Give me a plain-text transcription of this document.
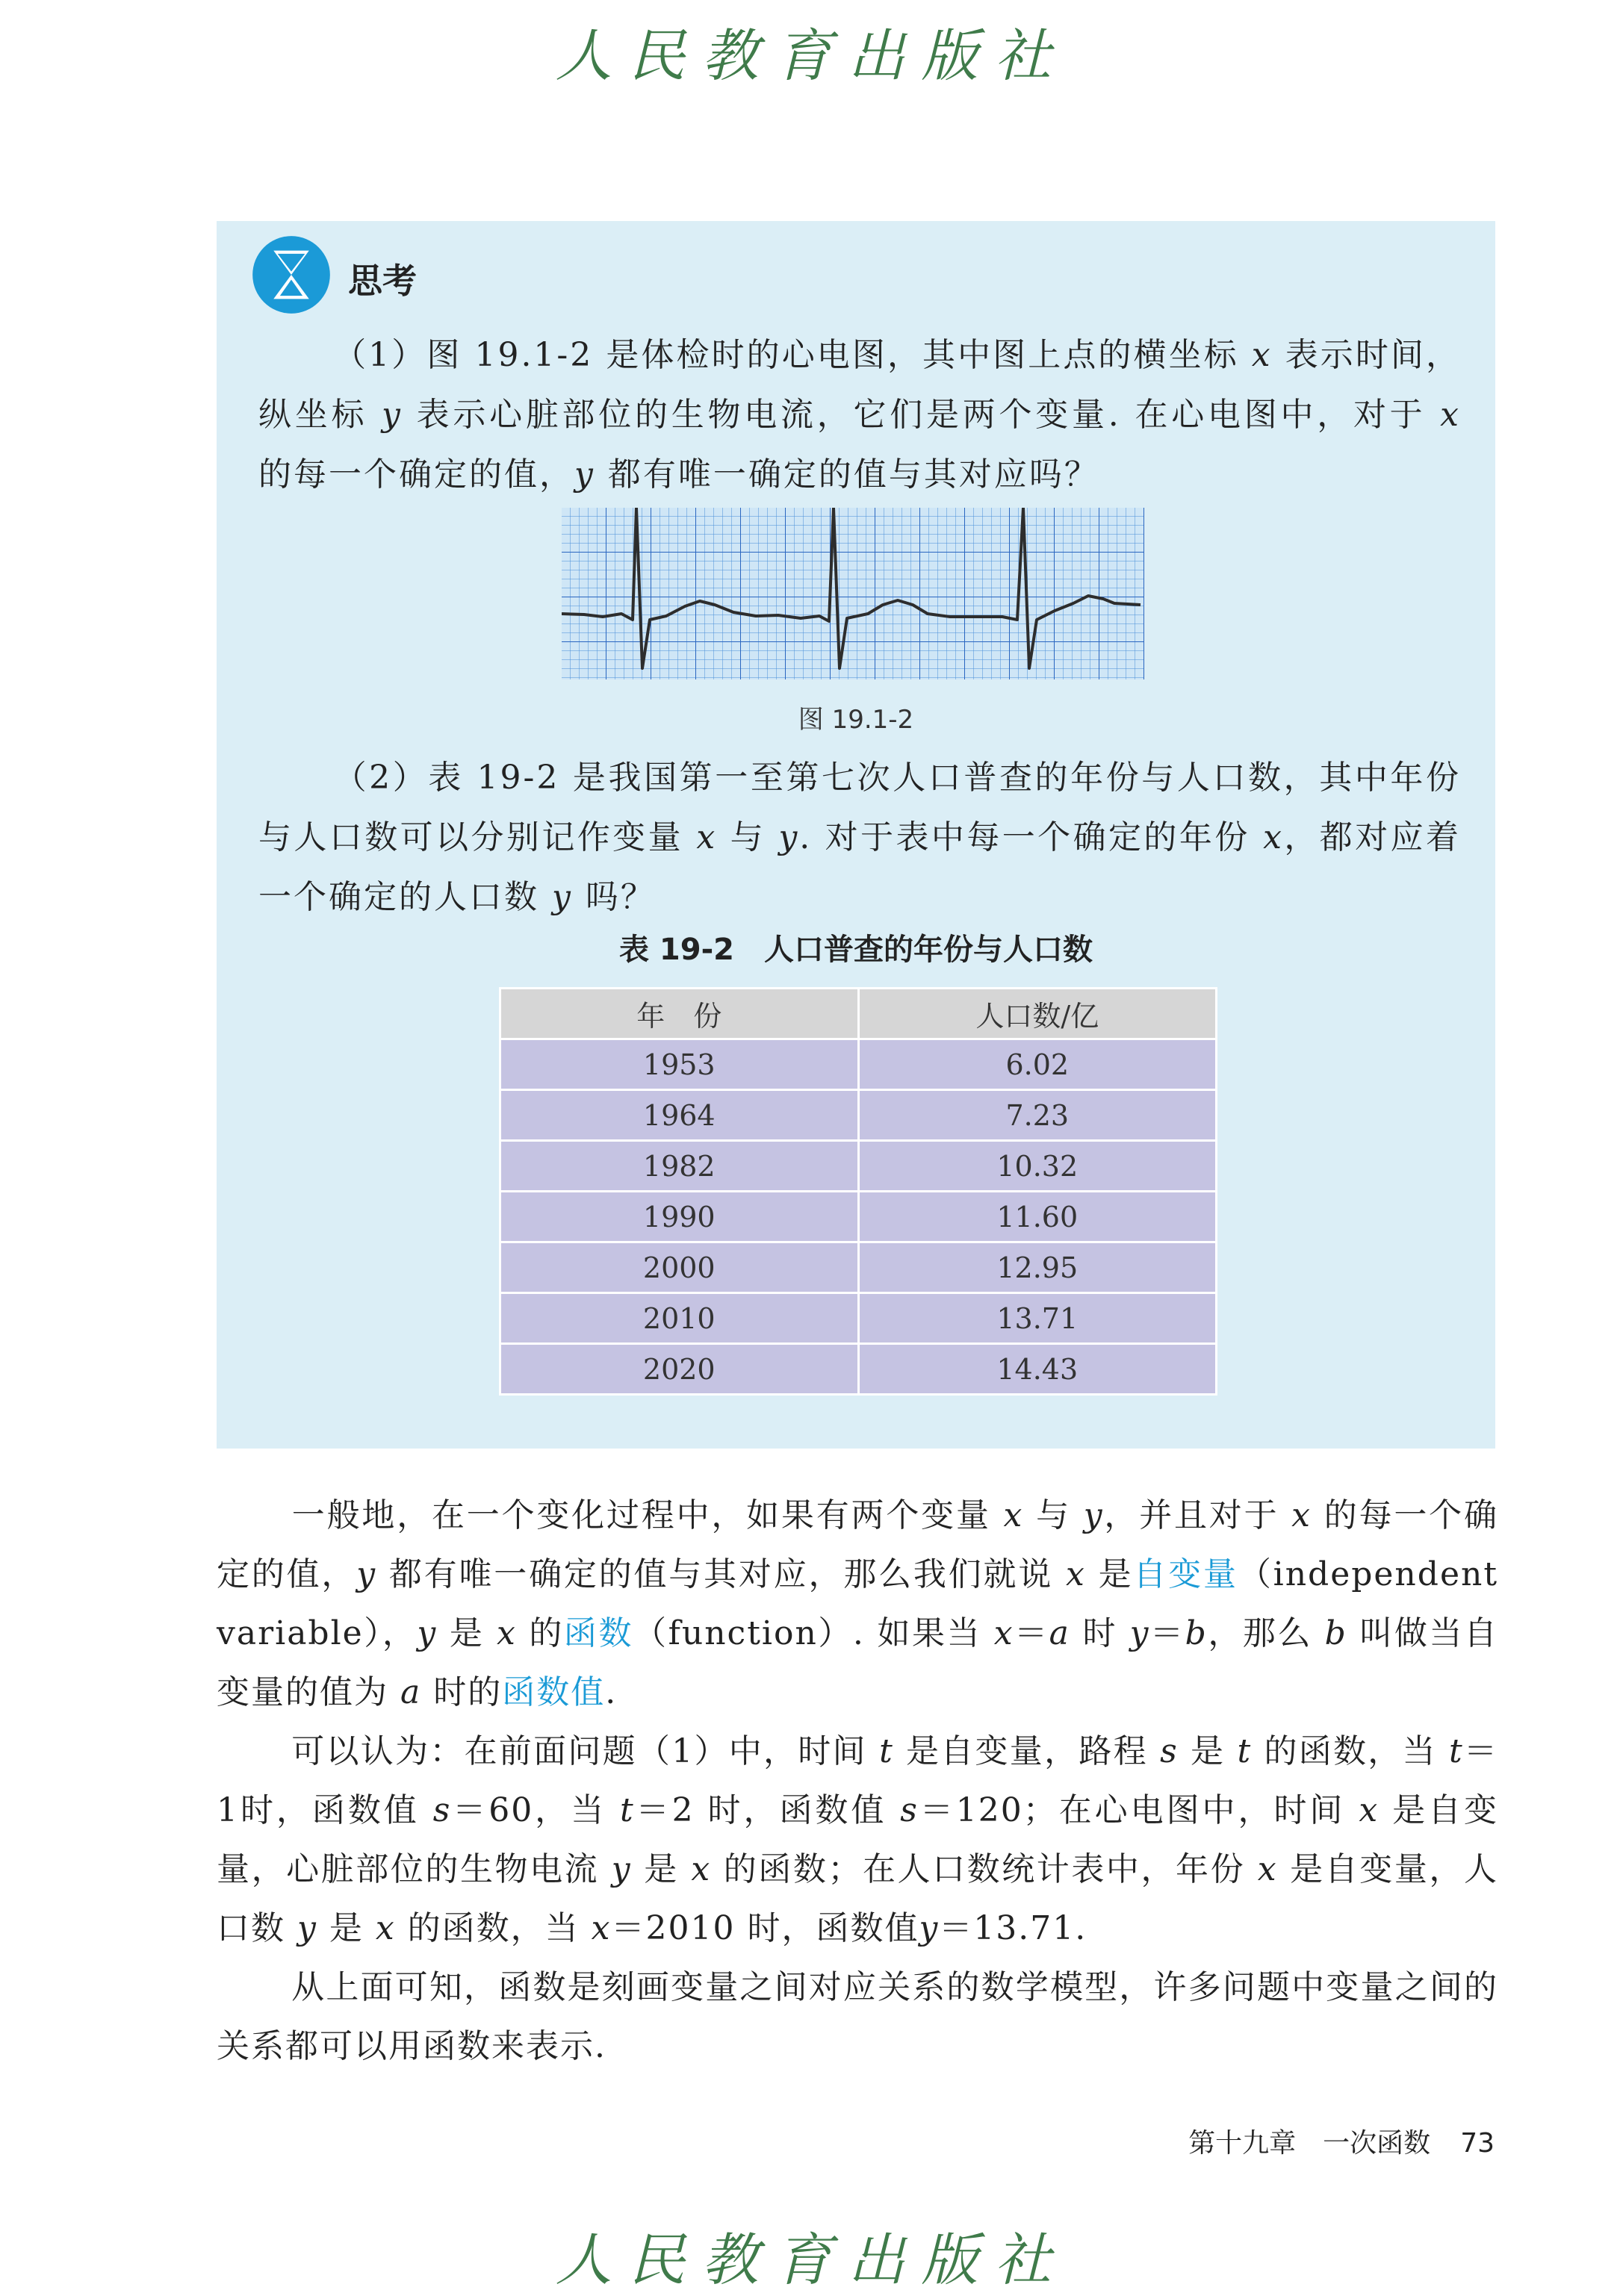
人民教育出版社
思考
（1）图 19.1-2 是体检时的心电图，其中图上点的横坐标 x 表示时间，纵坐标 y 表示心脏部位的生物电流，它们是两个变量. 在心电图中，对于 x 的每一个确定的值，y 都有唯一确定的值与其对应吗？
图 19.1-2
（2）表 19-2 是我国第一至第七次人口普查的年份与人口数，其中年份与人口数可以分别记作变量 x 与 y. 对于表中每一个确定的年份 x，都对应着一个确定的人口数 y 吗？
表 19-2 人口普查的年份与人口数
年　份	人口数/亿
1953	6.02
1964	7.23
1982	10.32
1990	11.60
2000	12.95
2010	13.71
2020	14.43
一般地，在一个变化过程中，如果有两个变量 x 与 y，并且对于 x 的每一个确定的值，y 都有唯一确定的值与其对应，那么我们就说 x 是自变量（independent variable），y 是 x 的函数（function）. 如果当 x＝a 时 y＝b，那么 b 叫做当自变量的值为 a 时的函数值.
可以认为：在前面问题（1）中，时间 t 是自变量，路程 s 是 t 的函数，当 t＝1时，函数值 s＝60，当 t＝2 时，函数值 s＝120；在心电图中，时间 x 是自变量，心脏部位的生物电流 y 是 x 的函数；在人口数统计表中，年份 x 是自变量，人口数 y 是 x 的函数，当 x＝2010 时，函数值y＝13.71.
从上面可知，函数是刻画变量之间对应关系的数学模型，许多问题中变量之间的关系都可以用函数来表示.
第十九章　一次函数 73
人民教育出版社
